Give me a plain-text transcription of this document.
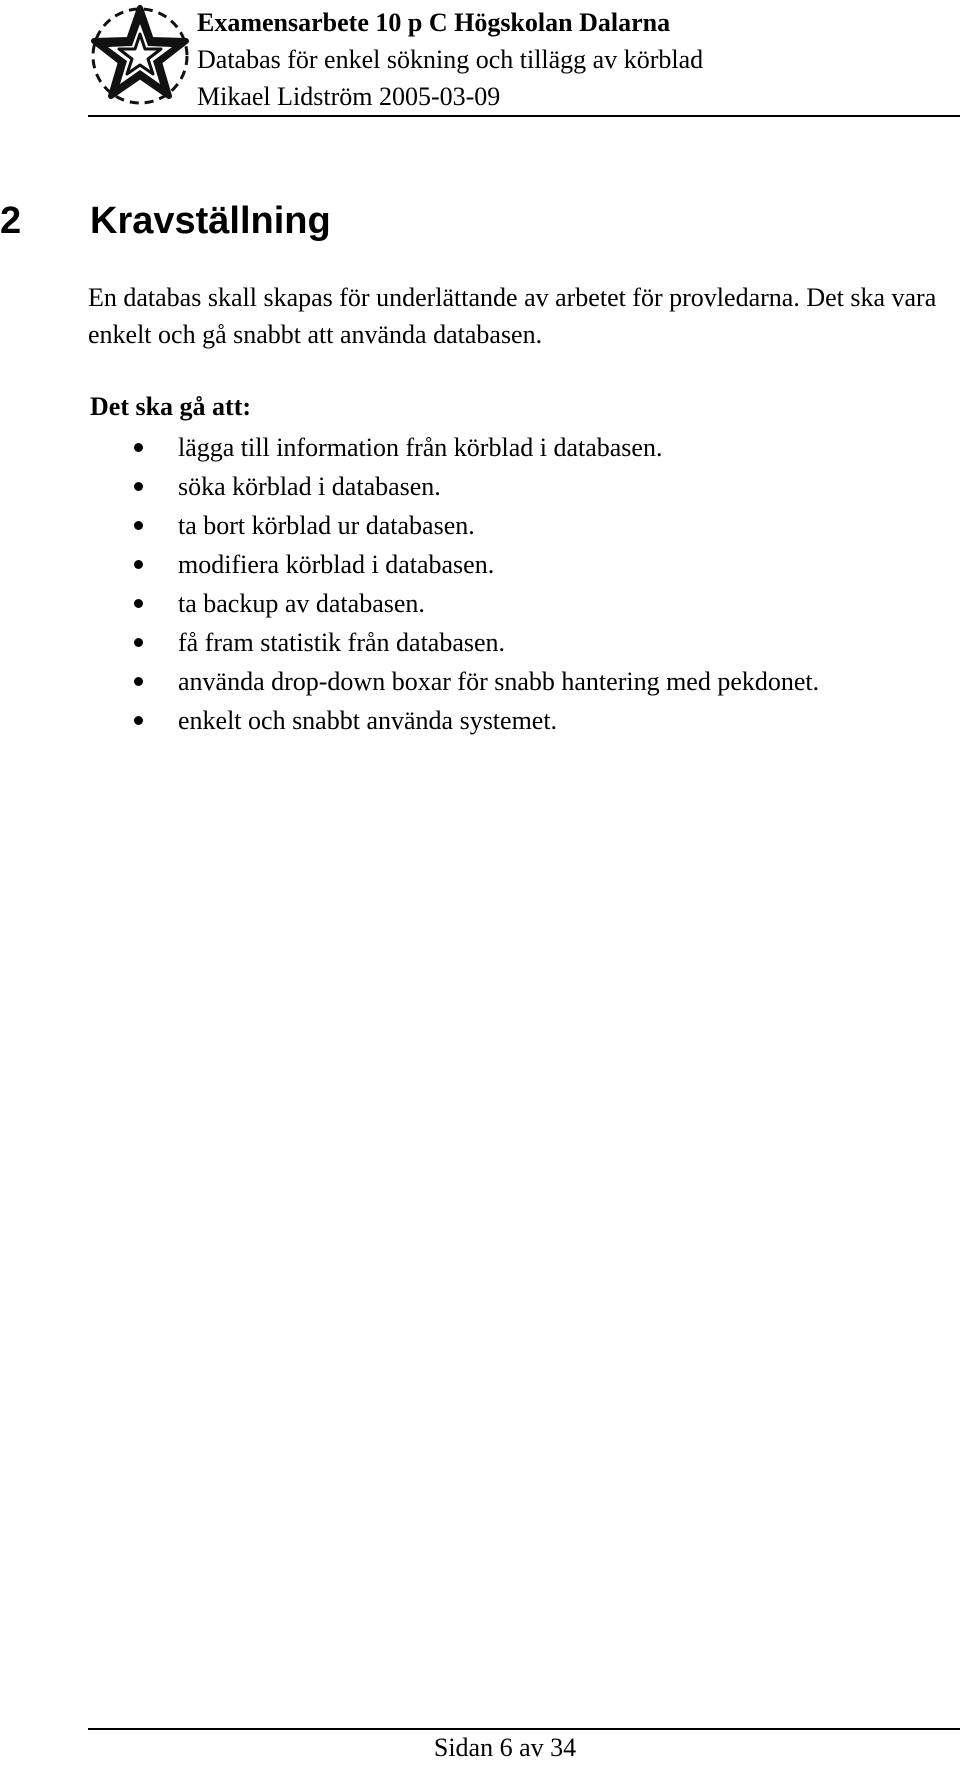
Examensarbete 10 p C Högskolan Dalarna
Databas för enkel sökning och tillägg av körblad
Mikael Lidström 2005-03-09
2 Kravställning

En databas skall skapas för underlättande av arbetet för provledarna. Det ska vara enkelt och gå snabbt att använda databasen.

Det ska gå att:

lägga till information från körblad i databasen.
söka körblad i databasen.
ta bort körblad ur databasen.
modifiera körblad i databasen.
ta backup av databasen.
få fram statistik från databasen.
använda drop-down boxar för snabb hantering med pekdonet.
enkelt och snabbt använda systemet.
Sidan 6 av 34
